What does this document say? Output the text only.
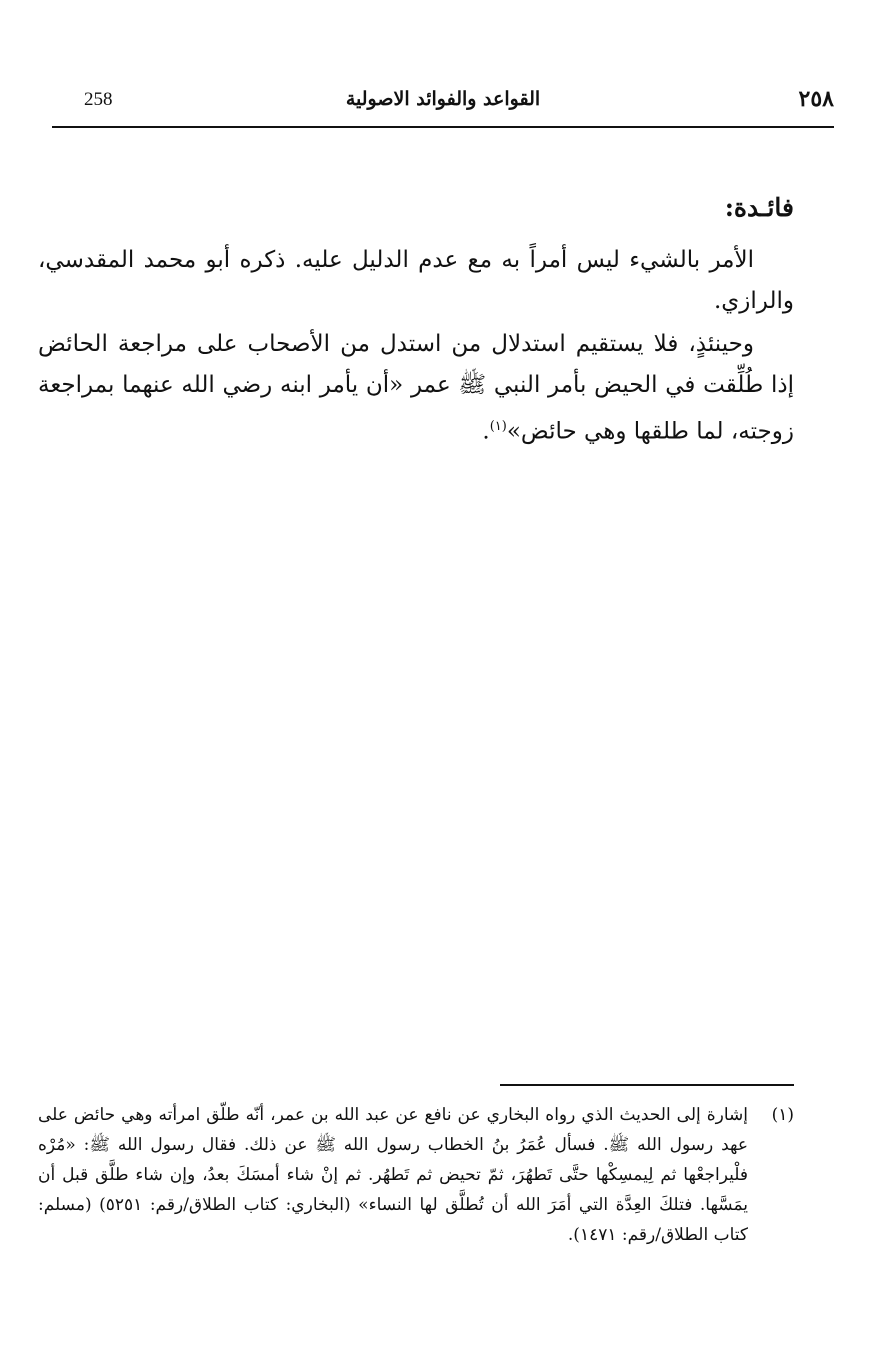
٢٥٨
القواعد والفوائد الاصولية
258
فائـدة:

الأمر بالشيء ليس أمراً به مع عدم الدليل عليه. ذكره أبو محمد المقدسي، والرازي.

وحينئذٍ، فلا يستقيم استدلال من استدل من الأصحاب على مراجعة الحائض إذا طُلِّقت في الحيض بأمر النبي ﷺ عمر «أن يأمر ابنه رضي الله عنهما بمراجعة زوجته، لما طلقها وهي حائض»$^{(١)}$.

(١)
إشارة إلى الحديث الذي رواه البخاري عن نافع عن عبد الله بن عمر، أنّه طلّق امرأته وهي حائض على عهد رسول الله ﷺ. فسأل عُمَرُ بنُ الخطاب رسول الله ﷺ عن ذلك. فقال رسول الله ﷺ: «مُرْه فلْيراجعْها ثم لِيمسِكْها حتَّى تَطهُرَ، ثمّ تحيض ثم تَطهُر. ثم إنْ شاء أمسَكَ بعدُ، وإن شاء طلَّق قبل أن يمَسَّها. فتلكَ العِدَّة التي أمَرَ الله أن تُطلَّق لها النساء» (البخاري: كتاب الطلاق/رقم: ٥٢٥١) (مسلم: كتاب الطلاق/رقم: ١٤٧١).
